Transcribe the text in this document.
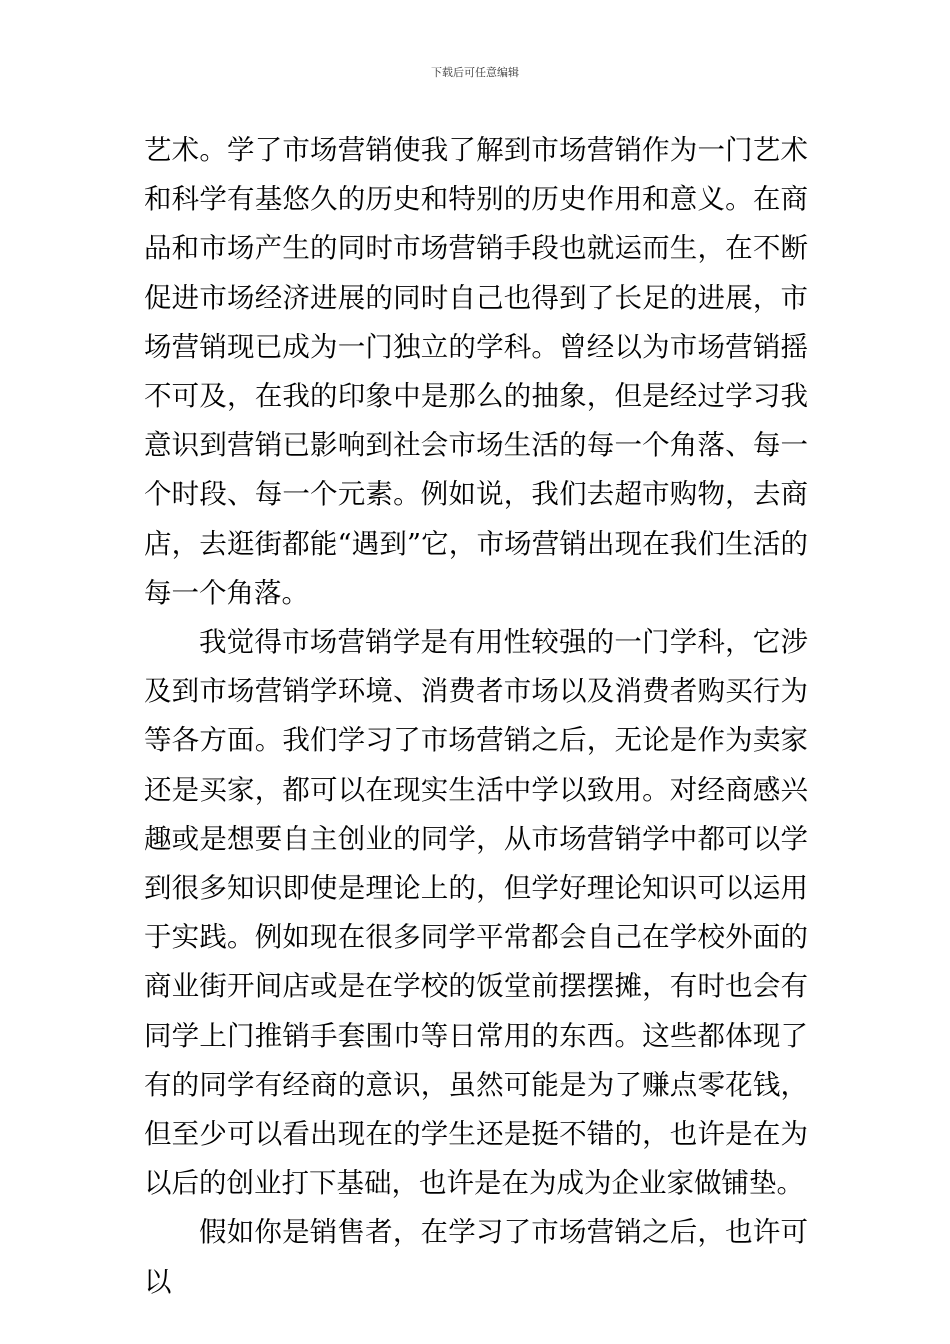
下载后可任意编辑

艺术。学了市场营销使我了解到市场营销作为一门艺术和科学有基悠久的历史和特别的历史作用和意义。在商品和市场产生的同时市场营销手段也就运而生，在不断促进市场经济进展的同时自己也得到了长足的进展，市场营销现已成为一门独立的学科。曾经以为市场营销摇不可及，在我的印象中是那么的抽象，但是经过学习我意识到营销已影响到社会市场生活的每一个角落、每一个时段、每一个元素。例如说，我们去超市购物，去商店，去逛街都能“遇到”它，市场营销出现在我们生活的每一个角落。

我觉得市场营销学是有用性较强的一门学科，它涉及到市场营销学环境、消费者市场以及消费者购买行为等各方面。我们学习了市场营销之后，无论是作为卖家还是买家，都可以在现实生活中学以致用。对经商感兴趣或是想要自主创业的同学，从市场营销学中都可以学到很多知识即使是理论上的，但学好理论知识可以运用于实践。例如现在很多同学平常都会自己在学校外面的商业街开间店或是在学校的饭堂前摆摆摊，有时也会有同学上门推销手套围巾等日常用的东西。这些都体现了有的同学有经商的意识，虽然可能是为了赚点零花钱，但至少可以看出现在的学生还是挺不错的，也许是在为以后的创业打下基础，也许是在为成为企业家做铺垫。

假如你是销售者，在学习了市场营销之后，也许可以
